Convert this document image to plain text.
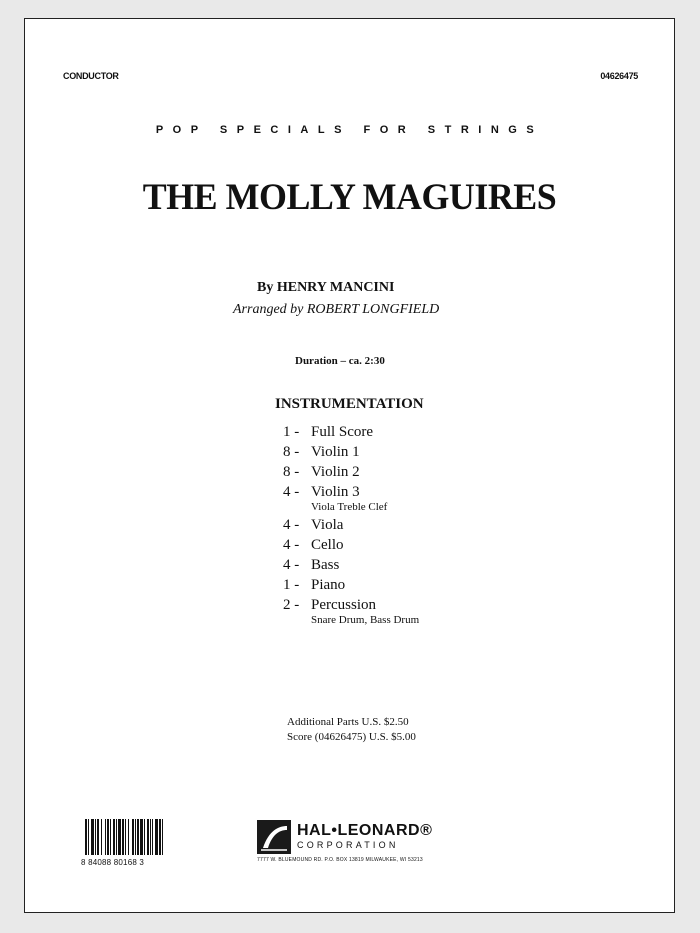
CONDUCTOR	04626475
POP SPECIALS FOR STRINGS
THE MOLLY MAGUIRES
By HENRY MANCINI
Arranged by ROBERT LONGFIELD
Duration – ca. 2:30
INSTRUMENTATION
1 - Full Score
8 - Violin 1
8 - Violin 2
4 - Violin 3
Viola Treble Clef
4 - Viola
4 - Cello
4 - Bass
1 - Piano
2 - Percussion
Snare Drum, Bass Drum
Additional Parts U.S. $2.50
Score (04626475) U.S. $5.00
8 84088 80168 3
HAL•LEONARD®
CORPORATION
7777 W. BLUEMOUND RD. P.O. BOX 13819 MILWAUKEE, WI 53213
